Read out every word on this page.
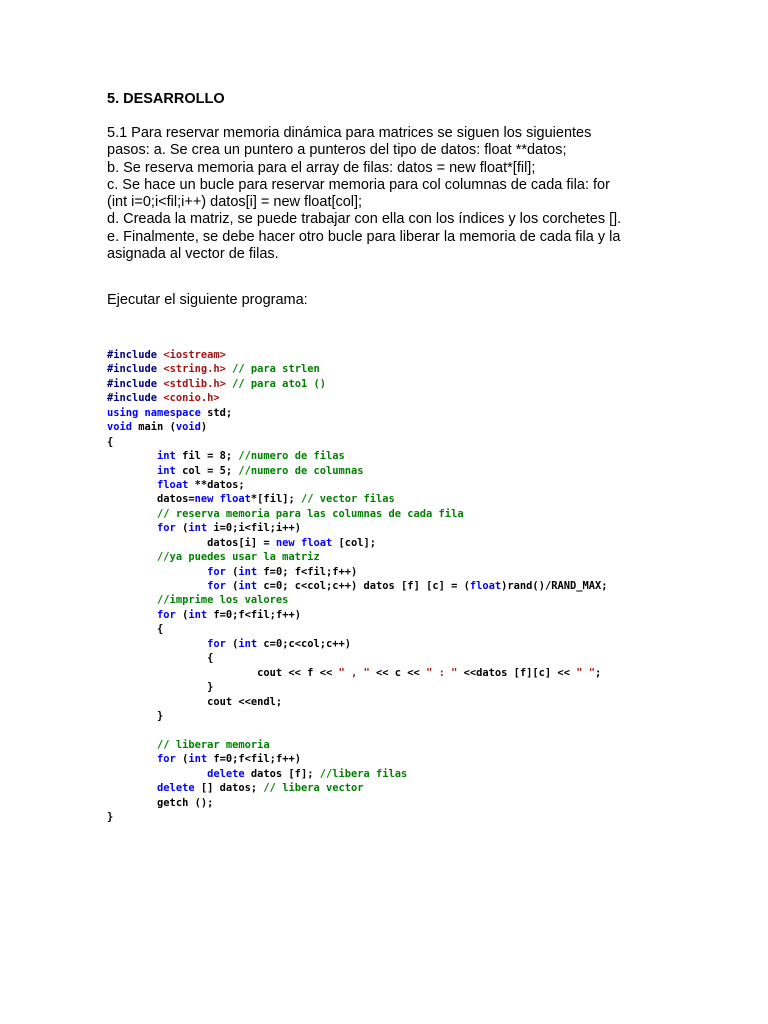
5. DESARROLLO
5.1 Para reservar memoria dinámica para matrices se siguen los siguientes
pasos: a. Se crea un puntero a punteros del tipo de datos: float **datos;
b. Se reserva memoria para el array de filas: datos = new float*[fil];
c. Se hace un bucle para reservar memoria para col columnas de cada fila: for
(int i=0;i<fil;i++) datos[i] = new float[col];
d. Creada la matriz, se puede trabajar con ella con los índices y los corchetes [].
e. Finalmente, se debe hacer otro bucle para liberar la memoria de cada fila y la
asignada al vector de filas.
Ejecutar el siguiente programa:
#include <iostream>
#include <string.h> // para strlen
#include <stdlib.h> // para ato1 ()
#include <conio.h>
using namespace std;
void main (void)
{
int fil = 8; //numero de filas
int col = 5; //numero de columnas
float **datos;
datos=new float*[fil]; // vector filas
// reserva memoria para las columnas de cada fila
for (int i=0;i<fil;i++)
datos[i] = new float [col];
//ya puedes usar la matriz
for (int f=0; f<fil;f++)
for (int c=0; c<col;c++) datos [f] [c] = (float)rand()/RAND_MAX;
//imprime los valores
for (int f=0;f<fil;f++)
{
for (int c=0;c<col;c++)
{
cout << f << " , " << c << " : " <<datos [f][c] << " ";
}
cout <<endl;
}

// liberar memoria
for (int f=0;f<fil;f++)
delete datos [f]; //libera filas
delete [] datos; // libera vector
getch ();
}
